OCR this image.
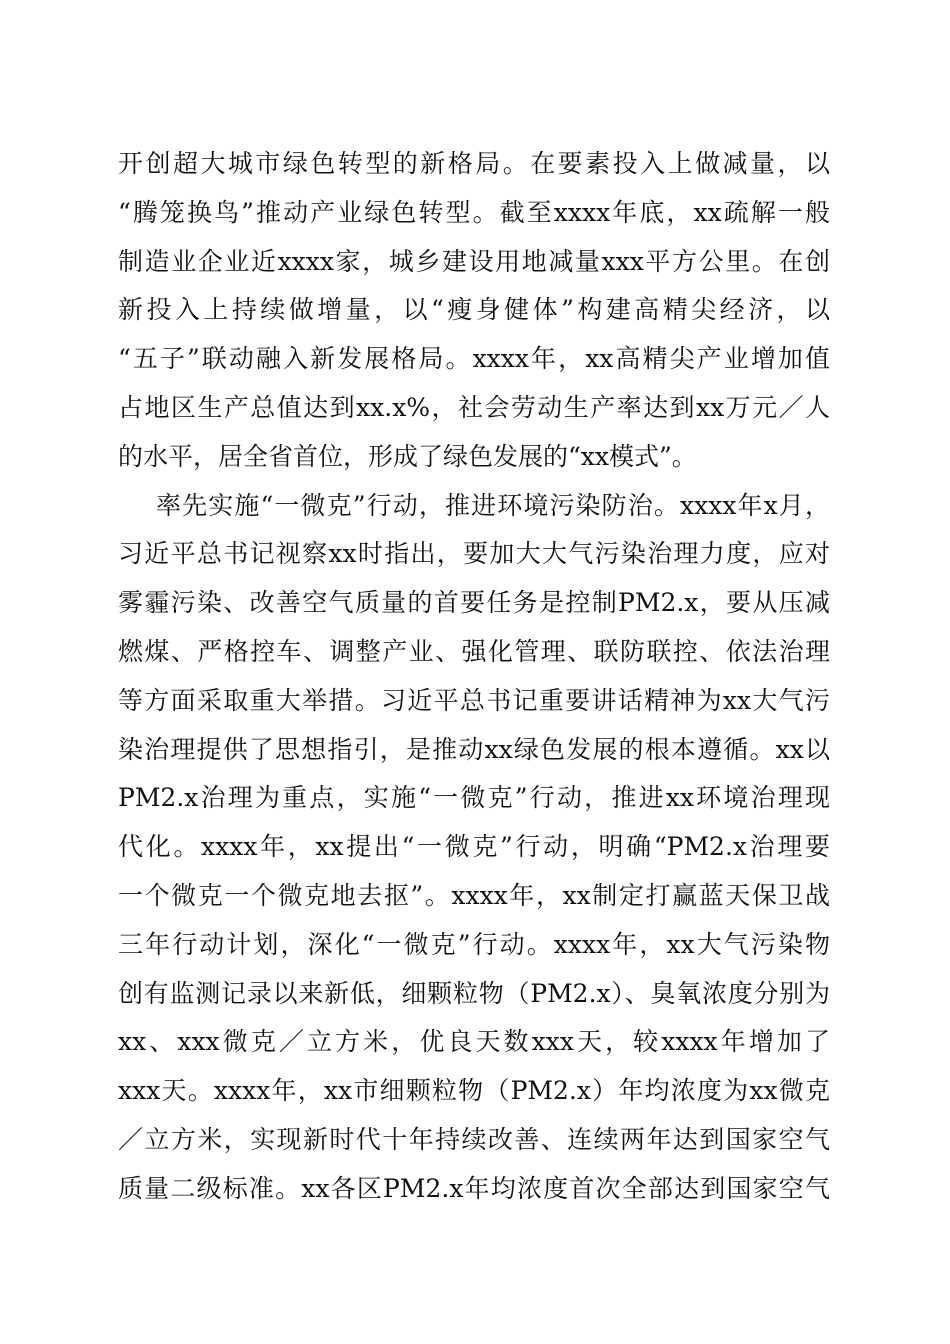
开创超大城市绿色转型的新格局。在要素投入上做减量，以
“腾笼换鸟”推动产业绿色转型。截至xxxx年底，xx疏解一般
制造业企业近xxxx家，城乡建设用地减量xxx平方公里。在创
新投入上持续做增量，以“瘦身健体”构建高精尖经济，以
“五子”联动融入新发展格局。xxxx年，xx高精尖产业增加值
占地区生产总值达到xx.x%，社会劳动生产率达到xx万元／人
的水平，居全省首位，形成了绿色发展的“xx模式”。
率先实施“一微克”行动，推进环境污染防治。xxxx年x月，
习近平总书记视察xx时指出，要加大大气污染治理力度，应对
雾霾污染、改善空气质量的首要任务是控制PM2.x，要从压减
燃煤、严格控车、调整产业、强化管理、联防联控、依法治理
等方面采取重大举措。习近平总书记重要讲话精神为xx大气污
染治理提供了思想指引，是推动xx绿色发展的根本遵循。xx以
PM2.x治理为重点，实施“一微克”行动，推进xx环境治理现
代化。xxxx年，xx提出“一微克”行动，明确“PM2.x治理要
一个微克一个微克地去抠”。xxxx年，xx制定打赢蓝天保卫战
三年行动计划，深化“一微克”行动。xxxx年，xx大气污染物
创有监测记录以来新低，细颗粒物（PM2.x）、臭氧浓度分别为
xx、xxx微克／立方米，优良天数xxx天，较xxxx年增加了
xxx天。xxxx年，xx市细颗粒物（PM2.x）年均浓度为xx微克
／立方米，实现新时代十年持续改善、连续两年达到国家空气
质量二级标准。xx各区PM2.x年均浓度首次全部达到国家空气
